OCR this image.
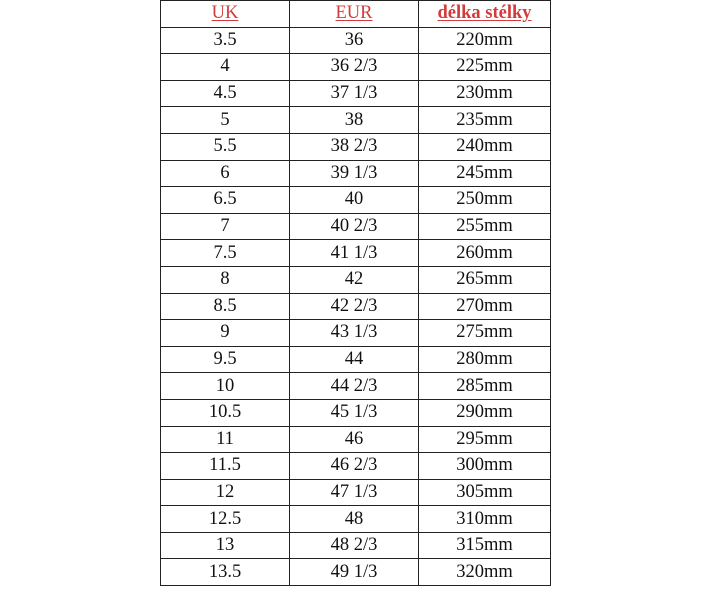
UK	EUR	délka stélky
3.5	36	220mm
4	36 2/3	225mm
4.5	37 1/3	230mm
5	38	235mm
5.5	38 2/3	240mm
6	39 1/3	245mm
6.5	40	250mm
7	40 2/3	255mm
7.5	41 1/3	260mm
8	42	265mm
8.5	42 2/3	270mm
9	43 1/3	275mm
9.5	44	280mm
10	44 2/3	285mm
10.5	45 1/3	290mm
11	46	295mm
11.5	46 2/3	300mm
12	47 1/3	305mm
12.5	48	310mm
13	48 2/3	315mm
13.5	49 1/3	320mm
